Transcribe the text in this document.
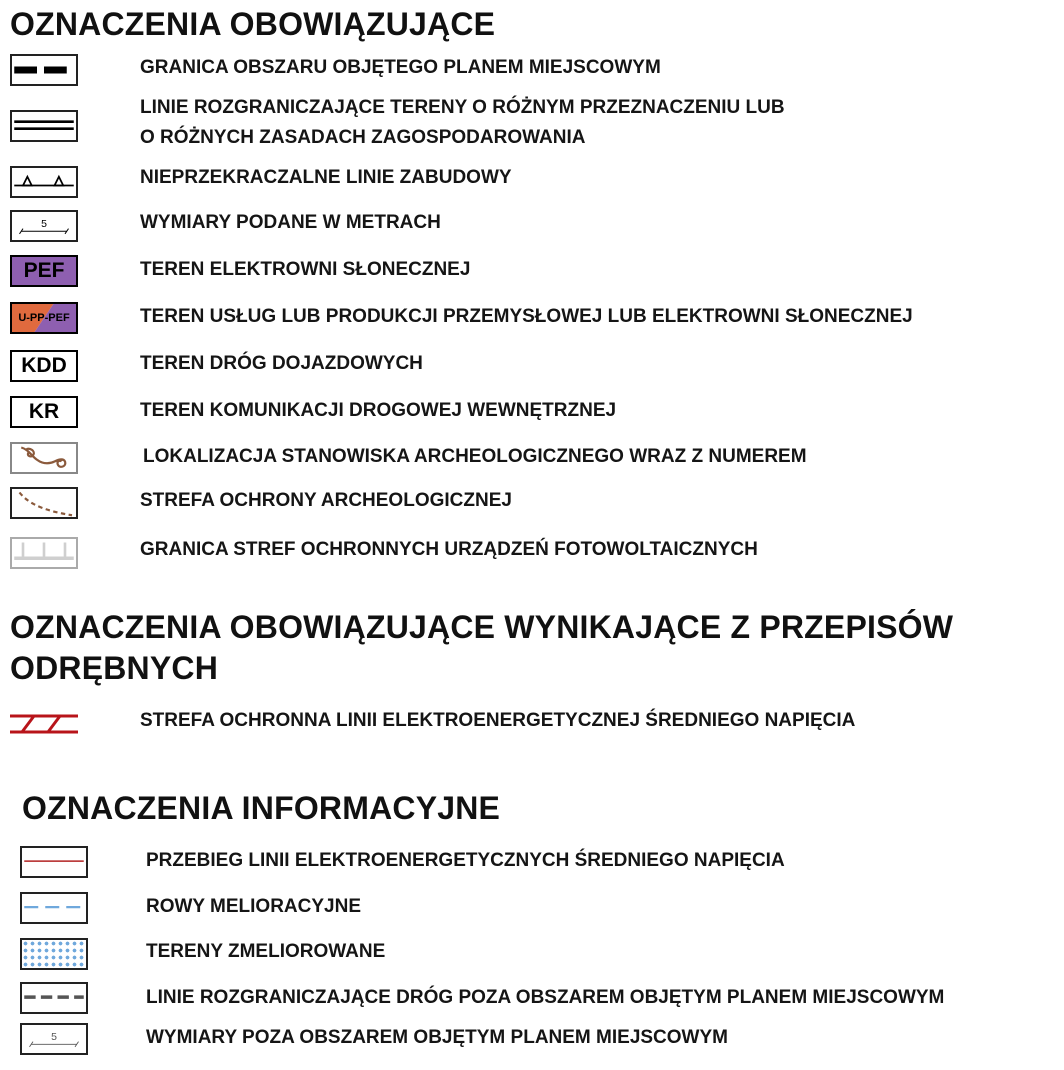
OZNACZENIA OBOWIĄZUJĄCE
GRANICA OBSZARU OBJĘTEGO PLANEM MIEJSCOWYM
LINIE ROZGRANICZAJĄCE TERENY O RÓŻNYM PRZEZNACZENIU LUB
O RÓŻNYCH ZASADACH ZAGOSPODAROWANIA
NIEPRZEKRACZALNE LINIE ZABUDOWY
5	WYMIARY PODANE W METRACH
PEF	TEREN ELEKTROWNI SŁONECZNEJ
U-PP-PEF	TEREN USŁUG LUB PRODUKCJI PRZEMYSŁOWEJ LUB ELEKTROWNI SŁONECZNEJ
KDD	TEREN DRÓG DOJAZDOWYCH
KR	TEREN KOMUNIKACJI DROGOWEJ WEWNĘTRZNEJ
LOKALIZACJA STANOWISKA ARCHEOLOGICZNEGO WRAZ Z NUMEREM
STREFA OCHRONY ARCHEOLOGICZNEJ
GRANICA STREF OCHRONNYCH URZĄDZEŃ FOTOWOLTAICZNYCH
OZNACZENIA OBOWIĄZUJĄCE WYNIKAJĄCE Z PRZEPISÓW
ODRĘBNYCH
STREFA OCHRONNA LINII ELEKTROENERGETYCZNEJ ŚREDNIEGO NAPIĘCIA
OZNACZENIA INFORMACYJNE
PRZEBIEG LINII ELEKTROENERGETYCZNYCH ŚREDNIEGO NAPIĘCIA
ROWY MELIORACYJNE
TERENY ZMELIOROWANE
LINIE ROZGRANICZAJĄCE DRÓG POZA OBSZAREM OBJĘTYM PLANEM MIEJSCOWYM
5	WYMIARY POZA OBSZAREM OBJĘTYM PLANEM MIEJSCOWYM
